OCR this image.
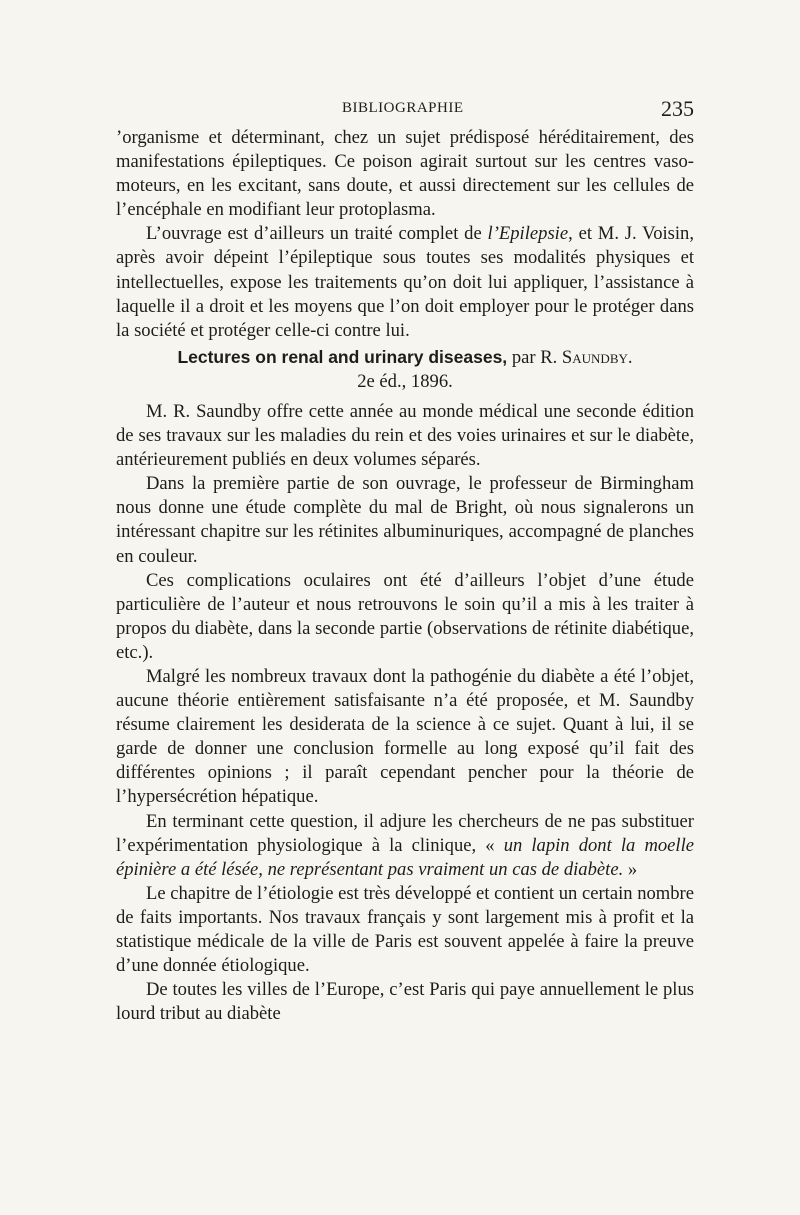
BIBLIOGRAPHIE	235

’organisme et déterminant, chez un sujet prédisposé héréditairement, des manifestations épileptiques. Ce poison agirait surtout sur les centres vaso-moteurs, en les excitant, sans doute, et aussi directement sur les cellules de l’encéphale en modifiant leur protoplasma.

L’ouvrage est d’ailleurs un traité complet de l’Epilepsie, et M. J. Voisin, après avoir dépeint l’épileptique sous toutes ses modalités physiques et intellectuelles, expose les traitements qu’on doit lui appliquer, l’assistance à laquelle il a droit et les moyens que l’on doit employer pour le protéger dans la société et protéger celle-ci contre lui.

Lectures on renal and urinary diseases, par R. Saundby.
2e éd., 1896.

M. R. Saundby offre cette année au monde médical une seconde édition de ses travaux sur les maladies du rein et des voies urinaires et sur le diabète, antérieurement publiés en deux volumes séparés.

Dans la première partie de son ouvrage, le professeur de Birmingham nous donne une étude complète du mal de Bright, où nous signalerons un intéressant chapitre sur les rétinites albuminuriques, accompagné de planches en couleur.

Ces complications oculaires ont été d’ailleurs l’objet d’une étude particulière de l’auteur et nous retrouvons le soin qu’il a mis à les traiter à propos du diabète, dans la seconde partie (observations de rétinite diabétique, etc.).

Malgré les nombreux travaux dont la pathogénie du diabète a été l’objet, aucune théorie entièrement satisfaisante n’a été proposée, et M. Saundby résume clairement les desiderata de la science à ce sujet. Quant à lui, il se garde de donner une conclusion formelle au long exposé qu’il fait des différentes opinions ; il paraît cependant pencher pour la théorie de l’hypersécrétion hépatique.

En terminant cette question, il adjure les chercheurs de ne pas substituer l’expérimentation physiologique à la clinique, « un lapin dont la moelle épinière a été lésée, ne représentant pas vraiment un cas de diabète. »

Le chapitre de l’étiologie est très développé et contient un certain nombre de faits importants. Nos travaux français y sont largement mis à profit et la statistique médicale de la ville de Paris est souvent appelée à faire la preuve d’une donnée étiologique.

De toutes les villes de l’Europe, c’est Paris qui paye annuellement le plus lourd tribut au diabète
